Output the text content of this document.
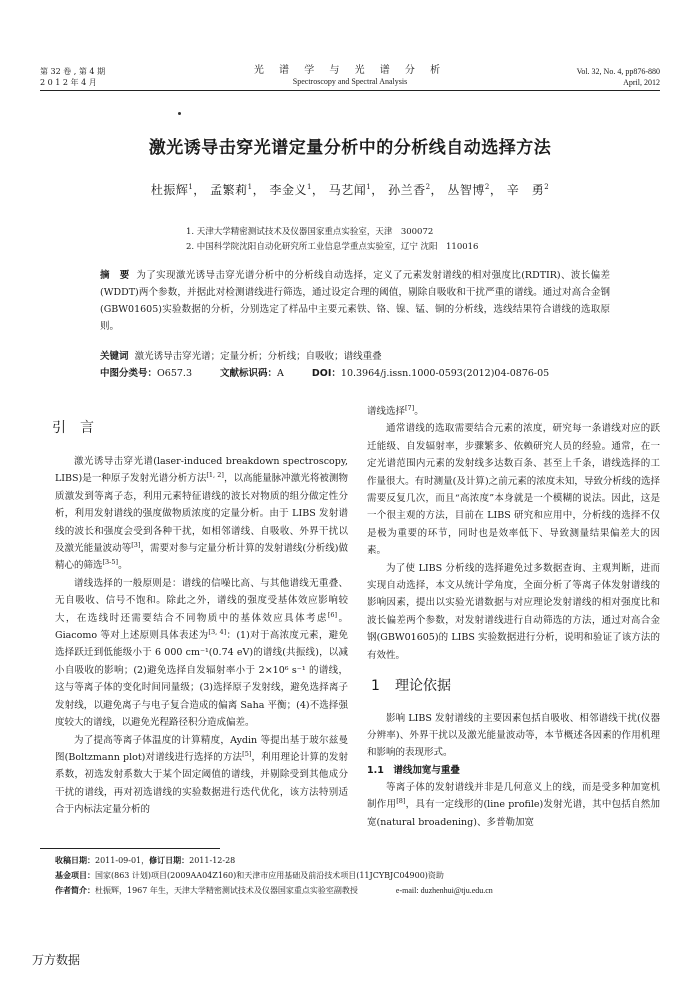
第 32 卷 , 第 4 期
2 0 1 2 年 4 月
光 谱 学 与 光 谱 分 析
Spectroscopy and Spectral Analysis
Vol. 32, No. 4, pp876-880
April, 2012
激光诱导击穿光谱定量分析中的分析线自动选择方法
杜振辉$^1$， 孟繁莉$^1$， 李金义$^1$， 马艺闻$^1$， 孙兰香$^2$， 丛智博$^2$， 辛　勇$^2$
1. 天津大学精密测试技术及仪器国家重点实验室，天津　300072
2. 中国科学院沈阳自动化研究所工业信息学重点实验室，辽宁 沈阳　110016
摘　要 为了实现激光诱导击穿光谱分析中的分析线自动选择，定义了元素发射谱线的相对强度比(RDTIR)、波长偏差(WDDT)两个参数，并据此对检测谱线进行筛选，通过设定合理的阈值，剔除自吸收和干扰严重的谱线。通过对高合金钢(GBW01605)实验数据的分析，分别选定了样品中主要元素铁、铬、镍、锰、铜的分析线，选线结果符合谱线的选取原则。
关键词 激光诱导击穿光谱；定量分析；分析线；自吸收；谱线重叠
中图分类号：O657.3	文献标识码：A	DOI：10.3964/j.issn.1000-0593(2012)04-0876-05
引　言

激光诱导击穿光谱(laser-induced breakdown spectroscopy, LIBS)是一种原子发射光谱分析方法[1, 2]，以高能量脉冲激光将被测物质激发到等离子态，利用元素特征谱线的波长对物质的组分做定性分析，利用发射谱线的强度做物质浓度的定量分析。由于 LIBS 发射谱线的波长和强度会受到各种干扰，如相邻谱线、自吸收、外界干扰以及激光能量波动等[3]，需要对参与定量分析计算的发射谱线(分析线)做精心的筛选[3-5]。

谱线选择的一般原则是：谱线的信噪比高、与其他谱线无重叠、无自吸收、信号不饱和。除此之外，谱线的强度受基体效应影响较大，在选线时还需要结合不同物质中的基体效应具体考虑[6]。Giacomo 等对上述原则具体表述为[3, 4]：(1)对于高浓度元素，避免选择跃迁到低能级小于 6 000 cm⁻¹(0.74 eV)的谱线(共振线)，以减小自吸收的影响；(2)避免选择自发辐射率小于 2×10⁶ s⁻¹ 的谱线，这与等离子体的变化时间同量级；(3)选择原子发射线，避免选择离子发射线，以避免离子与电子复合造成的偏离 Saha 平衡；(4)不选择强度较大的谱线，以避免光程路径积分造成偏差。

为了提高等离子体温度的计算精度，Aydin 等提出基于玻尔兹曼图(Boltzmann plot)对谱线进行选择的方法[5]，利用理论计算的发射系数，初选发射系数大于某个固定阈值的谱线，并剔除受到其他成分干扰的谱线，再对初选谱线的实验数据进行迭代优化，该方法特别适合于内标法定量分析的

谱线选择[7]。

通常谱线的选取需要结合元素的浓度，研究每一条谱线对应的跃迁能级、自发辐射率，步骤繁多、依赖研究人员的经验。通常，在一定光谱范围内元素的发射线多达数百条、甚至上千条，谱线选择的工作量很大。有时测量(及计算)之前元素的浓度未知，导致分析线的选择需要反复几次，而且“高浓度”本身就是一个模糊的说法。因此，这是一个很主观的方法，目前在 LIBS 研究和应用中，分析线的选择不仅是极为重要的环节，同时也是效率低下、导致测量结果偏差大的因素。

为了使 LIBS 分析线的选择避免过多数据查询、主观判断，进而实现自动选择，本文从统计学角度，全面分析了等离子体发射谱线的影响因素，提出以实验光谱数据与对应理论发射谱线的相对强度比和波长偏差两个参数，对发射谱线进行自动筛选的方法，通过对高合金钢(GBW01605)的 LIBS 实验数据进行分析，说明和验证了该方法的有效性。

1 理论依据

影响 LIBS 发射谱线的主要因素包括自吸收、相邻谱线干扰(仪器分辨率)、外界干扰以及激光能量波动等，本节概述各因素的作用机理和影响的表现形式。

1.1　谱线加宽与重叠

等离子体的发射谱线并非是几何意义上的线，而是受多种加宽机制作用[8]，具有一定线形的(line profile)发射光谱，其中包括自然加宽(natural broadening)、多普勒加宽

收稿日期：2011-09-01，修订日期：2011-12-28
基金项目：国家(863 计划)项目(2009AA04Z160)和天津市应用基础及前沿技术项目(11JCYBJC04900)资助
作者简介：杜振辉，1967 年生，天津大学精密测试技术及仪器国家重点实验室副教授	e-mail: duzhenhui@tju.edu.cn
万方数据
